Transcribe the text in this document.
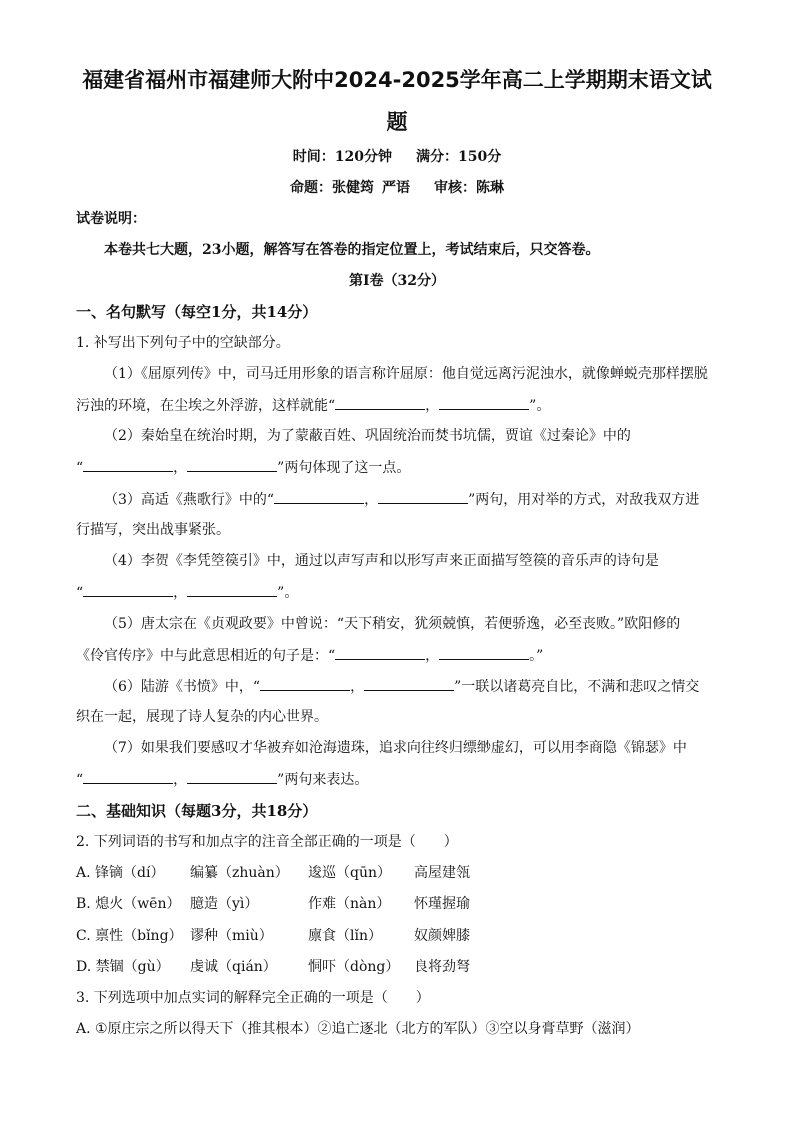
福建省福州市福建师大附中2024-2025学年高二上学期期末语文试
题
时间：120分钟 满分：150分
命题：张健筠 严语 审核：陈琳
试卷说明：
本卷共七大题，23小题，解答写在答卷的指定位置上，考试结束后，只交答卷。
第Ⅰ卷（32分）
一、名句默写（每空1分，共14分）
1. 补写出下列句子中的空缺部分。
（1）《屈原列传》中，司马迁用形象的语言称许屈原：他自觉远离污泥浊水，就像蝉蜕壳那样摆脱
污浊的环境，在尘埃之外浮游，这样就能“	，	”。
（2）秦始皇在统治时期，为了蒙蔽百姓、巩固统治而焚书坑儒，贾谊《过秦论》中的
“	，	”两句体现了这一点。
（3）高适《燕歌行》中的“	，	”两句，用对举的方式，对敌我双方进
行描写，突出战事紧张。
（4）李贺《李凭箜篌引》中，通过以声写声和以形写声来正面描写箜篌的音乐声的诗句是
“	，	”。
（5）唐太宗在《贞观政要》中曾说：“天下稍安，犹须兢慎，若便骄逸，必至丧败。”欧阳修的
《伶官传序》中与此意思相近的句子是：“	，	。”
（6）陆游《书愤》中，“	，	”一联以诸葛亮自比，不满和悲叹之情交
织在一起，展现了诗人复杂的内心世界。
（7）如果我们要感叹才华被弃如沧海遗珠，追求向往终归缥缈虚幻，可以用李商隐《锦瑟》中
“	，	”两句来表达。
二、基础知识（每题3分，共18分）
2. 下列词语的书写和加点字的注音全部正确的一项是（　　）
A. 锋镝（dí） 编纂（zhuàn） 逡巡（qūn） 高屋建瓴
B. 熄火（wēn） 臆造（yì）	作难（nàn） 怀瑾握瑜
C. 禀性（bǐng） 谬种（miù）	廪食（lǐn） 奴颜婢膝
D. 禁锢（gù） 虔诚（qián） 恫吓（dòng） 良将劲弩
3. 下列选项中加点实词的解释完全正确的一项是（　　）
A. ①原庄宗之所以得天下（推其根本）②追亡逐北（北方的军队）③空以身膏草野（滋润）
